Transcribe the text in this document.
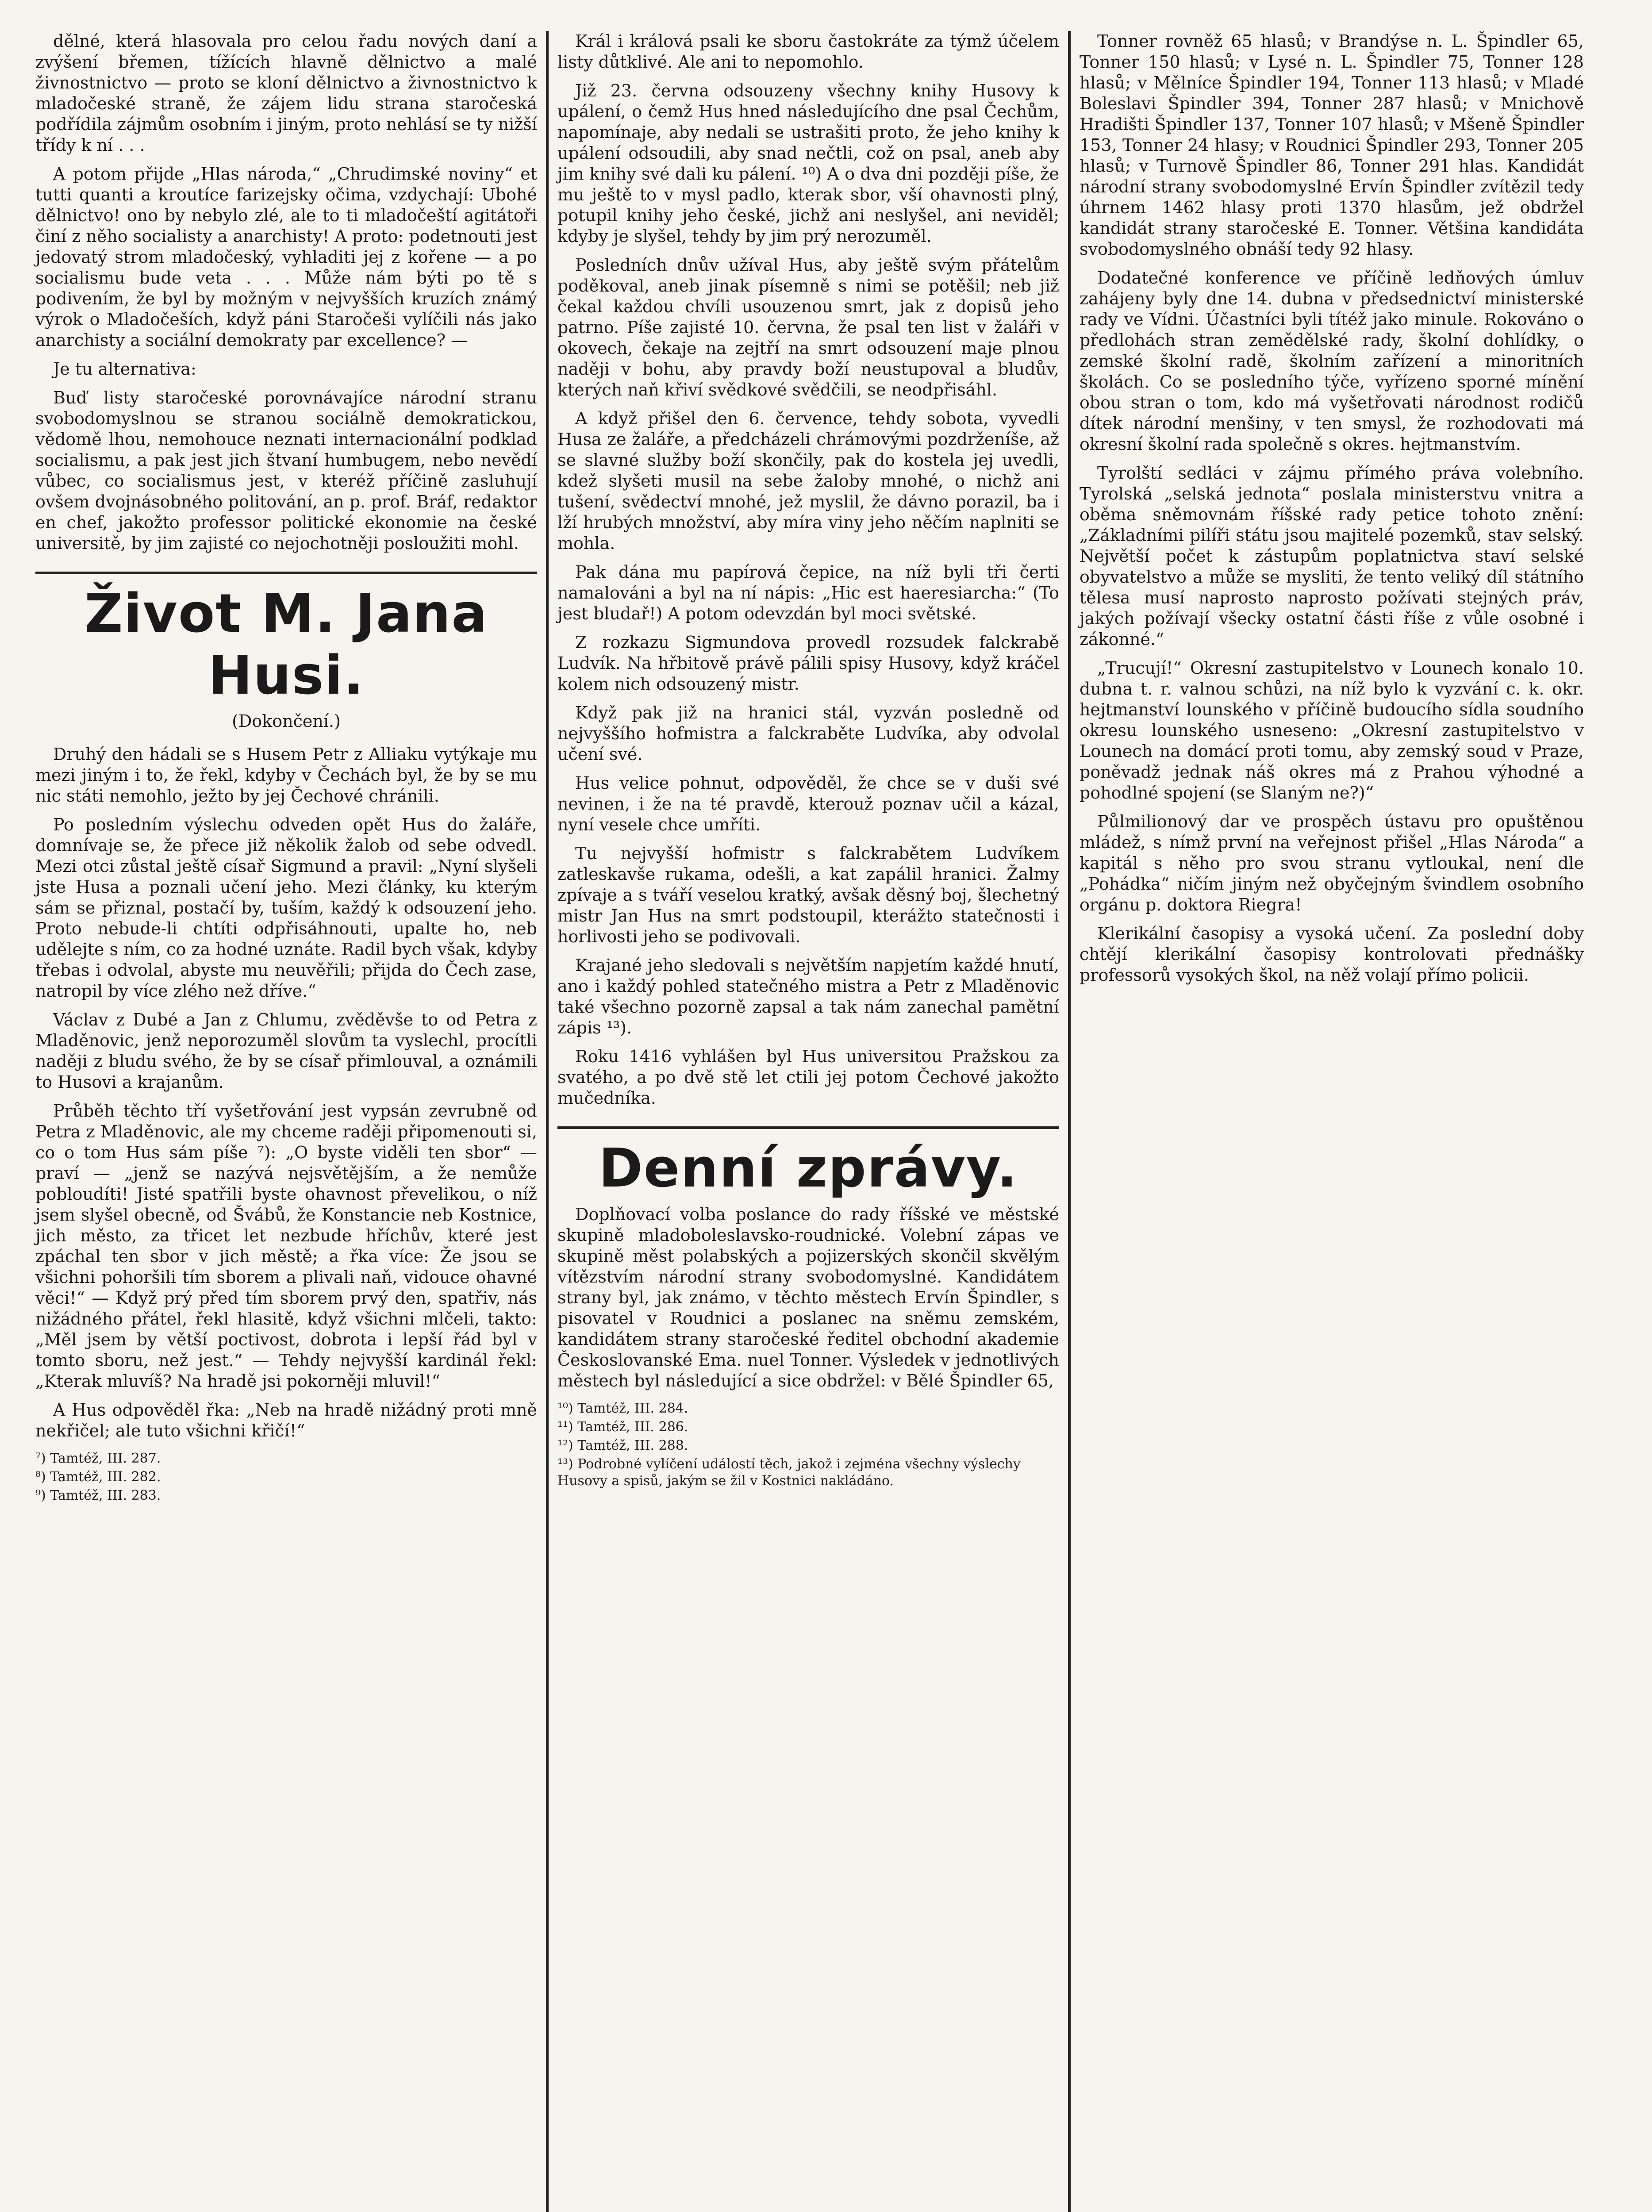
dělné, která hlasovala pro celou řadu nových daní a zvýšení břemen, tížících hlavně dělnictvo a malé živnostnictvo — proto se kloní dělnictvo a živnostnictvo k mladočeské straně, že zájem lidu strana staročeská podřídila zájmům osobním i jiným, proto nehlásí se ty nižší třídy k ní . . .

A potom přijde „Hlas národa,“ „Chrudimské noviny“ et tutti quanti a kroutíce farizejsky očima, vzdychají: Ubohé dělnictvo! ono by nebylo zlé, ale to ti mladočeští agitátoři činí z něho socialisty a anarchisty! A proto: podetnouti jest jedovatý strom mladočeský, vyhladiti jej z kořene — a po socialismu bude veta . . . Může nám býti po tě s podivením, že byl by možným v nejvyšších kruzích známý výrok o Mladočeších, když páni Staročeši vylíčili nás jako anarchisty a sociální demokraty par excellence? —

Je tu alternativa:

Buď listy staročeské porovnávajíce národní stranu svobodomyslnou se stranou sociálně demokratickou, vědomě lhou, nemohouce neznati internacionální podklad socialismu, a pak jest jich štvaní humbugem, nebo nevědí vůbec, co socialismus jest, v kteréž příčině zasluhují ovšem dvojnásobného politování, an p. prof. Bráf, redaktor en chef, jakožto professor politické ekonomie na české universitě, by jim zajisté co nejochotněji posloužiti mohl.

Život M. Jana Husi.
(Dokončení.)

Druhý den hádali se s Husem Petr z Alliaku vytýkaje mu mezi jiným i to, že řekl, kdyby v Čechách byl, že by se mu nic státi nemohlo, ježto by jej Čechové chránili.

Po posledním výslechu odveden opět Hus do žaláře, domnívaje se, že přece již několik žalob od sebe odvedl. Mezi otci zůstal ještě císař Sigmund a pravil: „Nyní slyšeli jste Husa a poznali učení jeho. Mezi články, ku kterým sám se přiznal, postačí by, tuším, každý k odsouzení jeho. Proto nebude-li chtíti odpřisáhnouti, upalte ho, neb udělejte s ním, co za hodné uznáte. Radil bych však, kdyby třebas i odvolal, abyste mu neuvěřili; přijda do Čech zase, natropil by více zlého než dříve.“

Václav z Dubé a Jan z Chlumu, zvěděvše to od Petra z Mladěnovic, jenž neporozuměl slovům ta vyslechl, procítli naději z bludu svého, že by se císař přimlouval, a oznámili to Husovi a krajanům.

Průběh těchto tří vyšetřování jest vypsán zevrubně od Petra z Mladěnovic, ale my chceme raději připomenouti si, co o tom Hus sám píše ⁷): „O byste viděli ten sbor“ — praví — „jenž se nazývá nejsvětějším, a že nemůže pobloudíti! Jisté spatřili byste ohavnost převelikou, o níž jsem slyšel obecně, od Švábů, že Konstancie neb Kostnice, jich město, za třicet let nezbude hříchův, které jest zpáchal ten sbor v jich městě; a řka více: Že jsou se všichni pohoršili tím sborem a plivali naň, vidouce ohavné věci!“ — Když prý před tím sborem prvý den, spatřiv, nás nižádného přátel, řekl hlasitě, když všichni mlčeli, takto: „Měl jsem by větší poctivost, dobrota i lepší řád byl v tomto sboru, než jest.“ — Tehdy nejvyšší kardinál řekl: „Kterak mluvíš? Na hradě jsi pokorněji mluvil!“

A Hus odpověděl řka: „Neb na hradě nižádný proti mně nekřičel; ale tuto všichni křičí!“

⁷) Tamtéž, III. 287.
⁸) Tamtéž, III. 282.
⁹) Tamtéž, III. 283.

Král i králová psali ke sboru častokráte za týmž účelem listy důtklivé. Ale ani to nepomohlo.

Již 23. června odsouzeny všechny knihy Husovy k upálení, o čemž Hus hned následujícího dne psal Čechům, napomínaje, aby nedali se ustrašiti proto, že jeho knihy k upálení odsoudili, aby snad nečtli, což on psal, aneb aby jim knihy své dali ku pálení. ¹⁰) A o dva dni později píše, že mu ještě to v mysl padlo, kterak sbor, vší ohavnosti plný, potupil knihy jeho české, jichž ani neslyšel, ani neviděl; kdyby je slyšel, tehdy by jim prý nerozuměl.

Posledních dnův užíval Hus, aby ještě svým přátelům poděkoval, aneb jinak písemně s nimi se potěšil; neb již čekal každou chvíli usouzenou smrt, jak z dopisů jeho patrno. Píše zajisté 10. června, že psal ten list v žaláři v okovech, čekaje na zejtří na smrt odsouzení maje plnou naději v bohu, aby pravdy boží neustupoval a bludův, kterých naň křiví svědkové svědčili, se neodpřisáhl.

A když přišel den 6. července, tehdy sobota, vyvedli Husa ze žaláře, a předcházeli chrámovými pozdrženíše, až se slavné služby boží skončily, pak do kostela jej uvedli, kdež slyšeti musil na sebe žaloby mnohé, o nichž ani tušení, svědectví mnohé, jež myslil, že dávno porazil, ba i lží hrubých množství, aby míra viny jeho něčím naplniti se mohla.

Pak dána mu papírová čepice, na níž byli tři čerti namalováni a byl na ní nápis: „Hic est haeresiarcha:“ (To jest bludař!) A potom odevzdán byl moci světské.

Z rozkazu Sigmundova provedl rozsudek falckrabě Ludvík. Na hřbitově právě pálili spisy Husovy, když kráčel kolem nich odsouzený mistr.

Když pak již na hranici stál, vyzván posledně od nejvyššího hofmistra a falckraběte Ludvíka, aby odvolal učení své.

Hus velice pohnut, odpověděl, že chce se v duši své nevinen, i že na té pravdě, kterouž poznav učil a kázal, nyní vesele chce umříti.

Tu nejvyšší hofmistr s falckrabětem Ludvíkem zatleskavše rukama, odešli, a kat zapálil hranici. Žalmy zpívaje a s tváří veselou kratký, avšak děsný boj, šlechetný mistr Jan Hus na smrt podstoupil, kterážto statečnosti i horlivosti jeho se podivovali.

Krajané jeho sledovali s největším napjetím každé hnutí, ano i každý pohled statečného mistra a Petr z Mladěnovic také všechno pozorně zapsal a tak nám zanechal pamětní zápis ¹³).

Roku 1416 vyhlášen byl Hus universitou Pražskou za svatého, a po dvě stě let ctili jej potom Čechové jakožto mučedníka.

Denní zprávy.

Doplňovací volba poslance do rady říšské ve městské skupině mladoboleslavsko-roudnické. Volební zápas ve skupině měst polabských a pojizerských skončil skvělým vítězstvím národní strany svobodomyslné. Kandidátem strany byl, jak známo, v těchto městech Ervín Špindler, s pisovatel v Roudnici a poslanec na sněmu zemském, kandidátem strany staročeské ředitel obchodní akademie Českoslovanské Ema. nuel Tonner. Výsledek v jednotlivých městech byl následující a sice obdržel: v Bělé Špindler 65,

¹⁰) Tamtéž, III. 284.
¹¹) Tamtéž, III. 286.
¹²) Tamtéž, III. 288.
¹³) Podrobné vylíčení událostí těch, jakož i zejména všechny výslechy Husovy a spisů, jakým se žil v Kostnici nakládáno.

Tonner rovněž 65 hlasů; v Brandýse n. L. Špindler 65, Tonner 150 hlasů; v Lysé n. L. Špindler 75, Tonner 128 hlasů; v Mělníce Špindler 194, Tonner 113 hlasů; v Mladé Boleslavi Špindler 394, Tonner 287 hlasů; v Mnichově Hradišti Špindler 137, Tonner 107 hlasů; v Mšeně Špindler 153, Tonner 24 hlasy; v Roudnici Špindler 293, Tonner 205 hlasů; v Turnově Špindler 86, Tonner 291 hlas. Kandidát národní strany svobodomyslné Ervín Špindler zvítězil tedy úhrnem 1462 hlasy proti 1370 hlasům, jež obdržel kandidát strany staročeské E. Tonner. Většina kandidáta svobodomyslného obnáší tedy 92 hlasy.

Dodatečné konference ve příčině ledňových úmluv zahájeny byly dne 14. dubna v předsednictví ministerské rady ve Vídni. Účastníci byli títéž jako minule. Rokováno o předlohách stran zemědělské rady, školní dohlídky, o zemské školní radě, školním zařízení a minoritních školách. Co se posledního týče, vyřízeno sporné mínění obou stran o tom, kdo má vyšetřovati národnost rodičů dítek národní menšiny, v ten smysl, že rozhodovati má okresní školní rada společně s okres. hejtmanstvím.

Tyrolští sedláci v zájmu přímého práva volebního. Tyrolská „selská jednota“ poslala ministerstvu vnitra a oběma sněmovnám říšské rady petice tohoto znění: „Základními pilíři státu jsou majitelé pozemků, stav selský. Největší počet k zástupům poplatnictva staví selské obyvatelstvo a může se mysliti, že tento veliký díl státního tělesa musí naprosto naprosto požívati stejných práv, jakých požívají všecky ostatní části říše z vůle osobné i zákonné.“

„Trucují!“ Okresní zastupitelstvo v Lounech konalo 10. dubna t. r. valnou schůzi, na níž bylo k vyzvání c. k. okr. hejtmanství lounského v příčině budoucího sídla soudního okresu lounského usneseno: „Okresní zastupitelstvo v Lounech na domácí proti tomu, aby zemský soud v Praze, poněvadž jednak náš okres má z Prahou výhodné a pohodlné spojení (se Slaným ne?)“

Půlmilionový dar ve prospěch ústavu pro opuštěnou mládež, s nímž první na veřejnost přišel „Hlas Národa“ a kapitál s něho pro svou stranu vytloukal, není dle „Pohádka“ ničím jiným než obyčejným švindlem osobního orgánu p. doktora Riegra!

Klerikální časopisy a vysoká učení. Za poslední doby chtějí klerikální časopisy kontrolovati přednášky professorů vysokých škol, na něž volají přímo policii.
